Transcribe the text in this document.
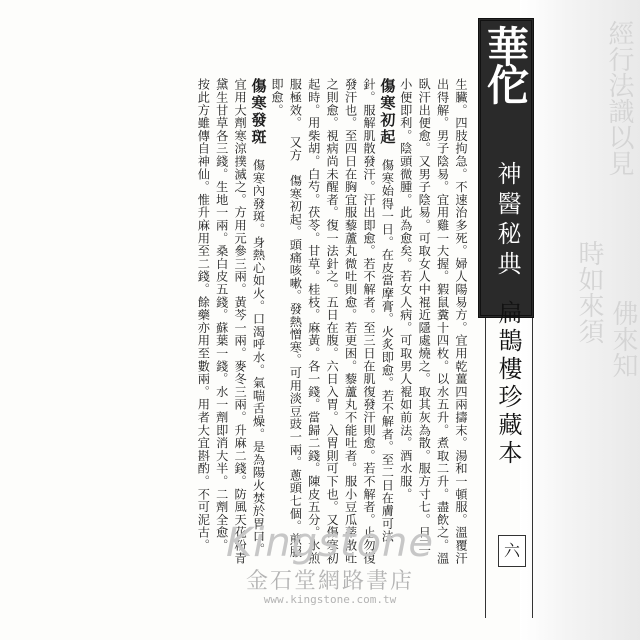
經行法識以見
時如來須 佛來知
華佗
神醫秘典
扁鵲樓珍藏本
六
生臟。四肢拘急。不速治多死。婦人陽易方。宜用乾薑四兩擣末。湯和一頓服。溫覆汗
出得解。男子陰易。宜用雞一大握。猳鼠糞十四枚。以水五升。煮取二升。盡飲之。溫
臥汗出便愈。又男子陰易。可取女人中裩近隱處燒之。取其灰為散。服方寸七。日三
小便即利。陰頭微腫。此為愈矣。若女人病。可取男人裩如前法。酒水服。
傷寒初起　傷寒始得一日。在皮當摩膏。火炙即愈。若不解者。至二日在膚可法
針。服解肌散發汗。汗出即愈。若不解者。至三日在肌復發汗則愈。若不解者。止勿復
發汗也。至四日在胸宜服藜蘆丸微吐則愈。若更困。藜蘆丸不能吐者。服小豆瓜蒂散吐
之則愈。視病尚未醒者。復一法針之。五日在腹。六日入胃。入胃則可下也。又傷寒初
起時。用柴胡。白芍。茯苓。甘草。桂枝。麻黃。各一錢。當歸二錢。陳皮五分。水煎
服極效。　又方　傷寒初起。頭痛咳嗽。發熱憎寒。可用淡豆豉一兩。蔥頭七個。煎服
即愈。
傷寒發斑　傷寒內發斑。身熱心如火。口渴呼水。氣喘舌燥。是為陽火焚於胃口。
宜用大劑寒涼撲滅之。方用元參三兩。黃芩一兩。麥冬三兩。升麻二錢。防風天花粉青
黛生甘草各三錢。生地一兩。桑白皮五錢。蘇葉一錢。水一劑即消大半。二劑全愈。
按此方雖傳自神仙。惟升麻用至二錢。餘藥亦用至數兩。用者大宜斟酌。不可泥古。 Kingstone
金石堂網路書店
www.kingstone.com.tw
